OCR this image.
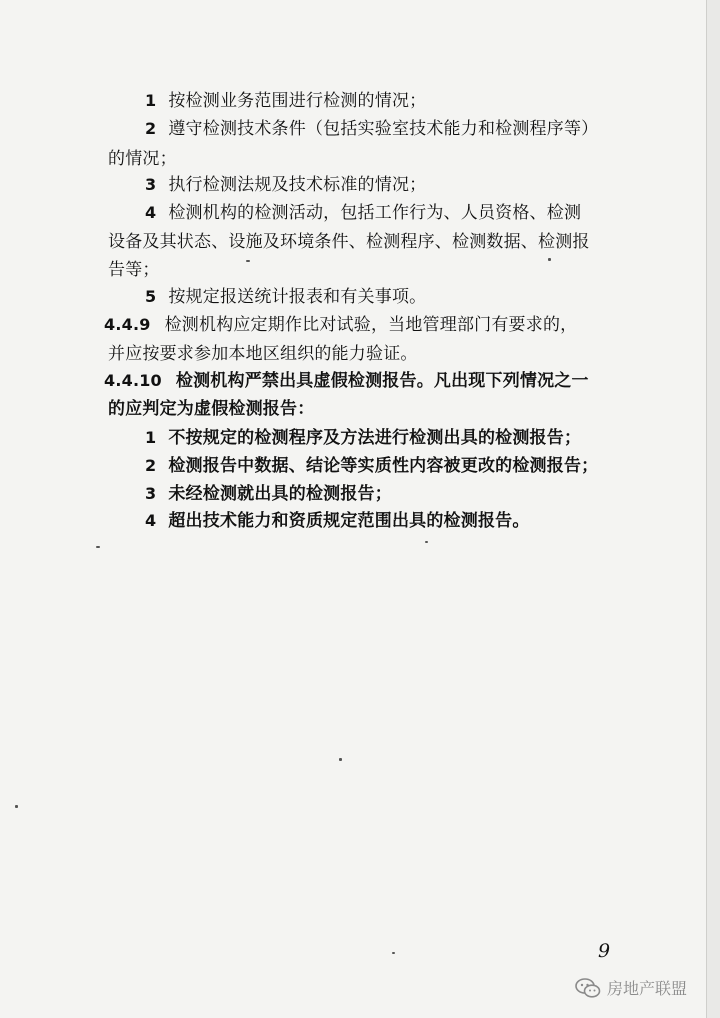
1 按检测业务范围进行检测的情况；
2 遵守检测技术条件（包括实验室技术能力和检测程序等）
的情况；
3 执行检测法规及技术标准的情况；
4 检测机构的检测活动，包括工作行为、人员资格、检测
设备及其状态、设施及环境条件、检测程序、检测数据、检测报
告等；
5 按规定报送统计报表和有关事项。
4.4.9 检测机构应定期作比对试验，当地管理部门有要求的，
并应按要求参加本地区组织的能力验证。
4.4.10 检测机构严禁出具虚假检测报告。凡出现下列情况之一
的应判定为虚假检测报告：
1 不按规定的检测程序及方法进行检测出具的检测报告；
2 检测报告中数据、结论等实质性内容被更改的检测报告；
3 未经检测就出具的检测报告；
4 超出技术能力和资质规定范围出具的检测报告。
9
房地产联盟
